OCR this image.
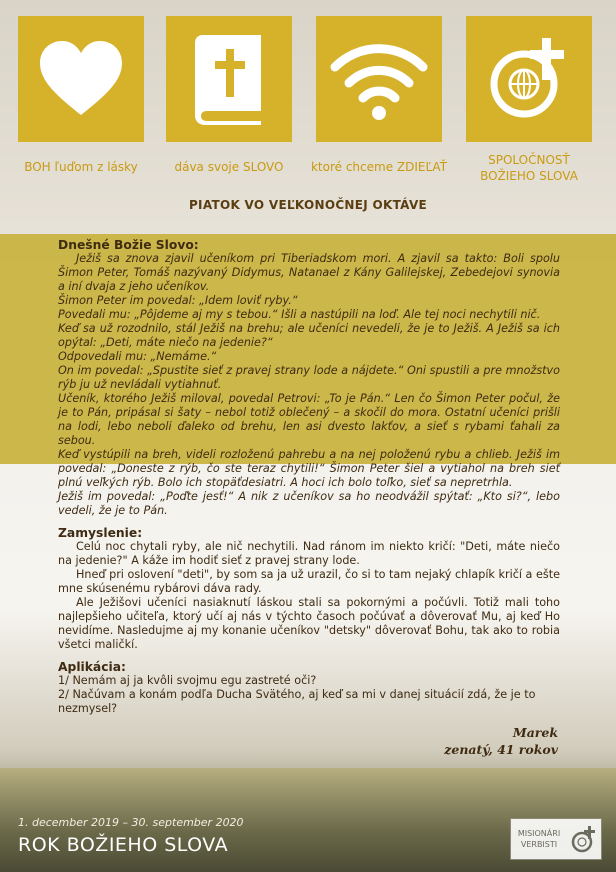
BOH ľuďom z lásky	dáva svoje SLOVO	ktoré chceme ZDIEĽAŤ	SPOLOČNOSŤ
BOŽIEHO SLOVA
PIATOK VO VEĽKONOČNEJ OKTÁVE

Dnešné Božie Slovo:

Ježiš sa znova zjavil učeníkom pri Tiberiadskom mori. A zjavil sa takto: Boli spolu Šimon Peter, Tomáš nazývaný Didymus, Natanael z Kány Galilejskej, Zebedejovi synovia a iní dvaja z jeho učeníkov.

Šimon Peter im povedal: „Idem loviť ryby.“

Povedali mu: „Pôjdeme aj my s tebou.“ Išli a nastúpili na loď. Ale tej noci nechytili nič.

Keď sa už rozodnilo, stál Ježiš na brehu; ale učeníci nevedeli, že je to Ježiš. A Ježiš sa ich opýtal: „Deti, máte niečo na jedenie?“

Odpovedali mu: „Nemáme.“

On im povedal: „Spustite sieť z pravej strany lode a nájdete.“ Oni spustili a pre množstvo rýb ju už nevládali vytiahnuť.

Učeník, ktorého Ježiš miloval, povedal Petrovi: „To je Pán.“ Len čo Šimon Peter počul, že je to Pán, pripásal si šaty – nebol totiž oblečený – a skočil do mora. Ostatní učeníci prišli na lodi, lebo neboli ďaleko od brehu, len asi dvesto lakťov, a sieť s rybami ťahali za sebou.

Keď vystúpili na breh, videli rozloženú pahrebu a na nej položenú rybu a chlieb. Ježiš im povedal: „Doneste z rýb, čo ste teraz chytili!“ Šimon Peter šiel a vytiahol na breh sieť plnú veľkých rýb. Bolo ich stopäťdesiatri. A hoci ich bolo toľko, sieť sa nepretrhla.

Ježiš im povedal: „Poďte jesť!“ A nik z učeníkov sa ho neodvážil spýtať: „Kto si?“, lebo vedeli, že je to Pán.

Zamyslenie:

Celú noc chytali ryby, ale nič nechytili. Nad ránom im niekto kričí: "Deti, máte niečo na jedenie?" A káže im hodiť sieť z pravej strany lode.

Hneď pri oslovení "deti", by som sa ja už urazil, čo si to tam nejaký chlapík kričí a ešte mne skúsenému rybárovi dáva rady.

Ale Ježišovi učeníci nasiaknutí láskou stali sa pokornými a počúvli. Totiž mali toho najlepšieho učiteľa, ktorý učí aj nás v týchto časoch počúvať a dôverovať Mu, aj keď Ho nevidíme. Nasledujme aj my konanie učeníkov "detsky" dôverovať Bohu, tak ako to robia všetci maličkí.

Aplikácia:

1/ Nemám aj ja kvôli svojmu egu zastreté oči?

2/ Načúvam a konám podľa Ducha Svätého, aj keď sa mi v danej situácií zdá, že je to nezmysel?

Marek
zenatý, 41 rokov
1. december 2019 – 30. september 2020
ROK BOŽIEHO SLOVA
MISIONÁRI
VERBISTI
